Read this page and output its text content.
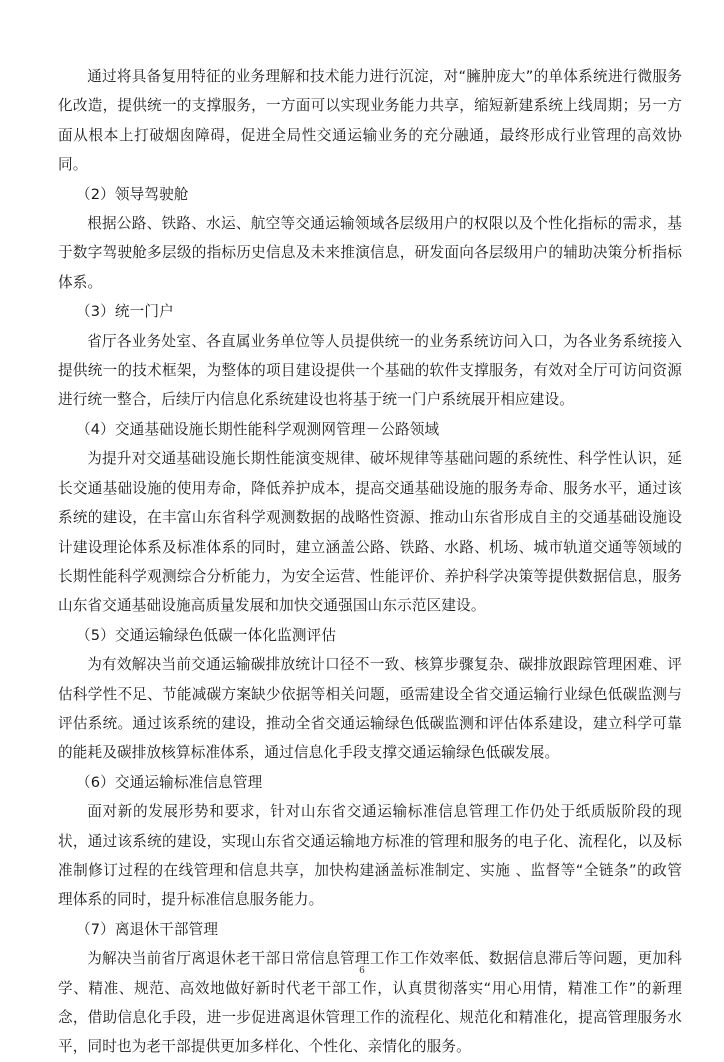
通过将具备复用特征的业务理解和技术能力进行沉淀，对“臃肿庞大”的单体系统进行微服务化改造，提供统一的支撑服务，一方面可以实现业务能力共享，缩短新建系统上线周期；另一方面从根本上打破烟囱障碍，促进全局性交通运输业务的充分融通，最终形成行业管理的高效协同。

（2）领导驾驶舱

根据公路、铁路、水运、航空等交通运输领域各层级用户的权限以及个性化指标的需求，基于数字驾驶舱多层级的指标历史信息及未来推演信息，研发面向各层级用户的辅助决策分析指标体系。

（3）统一门户

省厅各业务处室、各直属业务单位等人员提供统一的业务系统访问入口，为各业务系统接入提供统一的技术框架，为整体的项目建设提供一个基础的软件支撑服务，有效对全厅可访问资源进行统一整合，后续厅内信息化系统建设也将基于统一门户系统展开相应建设。

（4）交通基础设施长期性能科学观测网管理－公路领域

为提升对交通基础设施长期性能演变规律、破坏规律等基础问题的系统性、科学性认识，延长交通基础设施的使用寿命，降低养护成本，提高交通基础设施的服务寿命、服务水平，通过该系统的建设，在丰富山东省科学观测数据的战略性资源、推动山东省形成自主的交通基础设施设计建设理论体系及标准体系的同时，建立涵盖公路、铁路、水路、机场、城市轨道交通等领域的长期性能科学观测综合分析能力，为安全运营、性能评价、养护科学决策等提供数据信息，服务山东省交通基础设施高质量发展和加快交通强国山东示范区建设。

（5）交通运输绿色低碳一体化监测评估

为有效解决当前交通运输碳排放统计口径不一致、核算步骤复杂、碳排放跟踪管理困难、评估科学性不足、节能减碳方案缺少依据等相关问题，亟需建设全省交通运输行业绿色低碳监测与评估系统。通过该系统的建设，推动全省交通运输绿色低碳监测和评估体系建设，建立科学可靠的能耗及碳排放核算标准体系，通过信息化手段支撑交通运输绿色低碳发展。

（6）交通运输标准信息管理

面对新的发展形势和要求，针对山东省交通运输标准信息管理工作仍处于纸质版阶段的现状，通过该系统的建设，实现山东省交通运输地方标准的管理和服务的电子化、流程化，以及标准制修订过程的在线管理和信息共享，加快构建涵盖标准制定、实施 、监督等“全链条”的政管理体系的同时，提升标准信息服务能力。

（7）离退休干部管理

为解决当前省厅离退休老干部日常信息管理工作工作效率低、数据信息滞后等问题，更加科学、精准、规范、高效地做好新时代老干部工作，认真贯彻落实“用心用情，精准工作”的新理念，借助信息化手段，进一步促进离退休管理工作的流程化、规范化和精准化，提高管理服务水平，同时也为老干部提供更加多样化、个性化、亲情化的服务。

6
